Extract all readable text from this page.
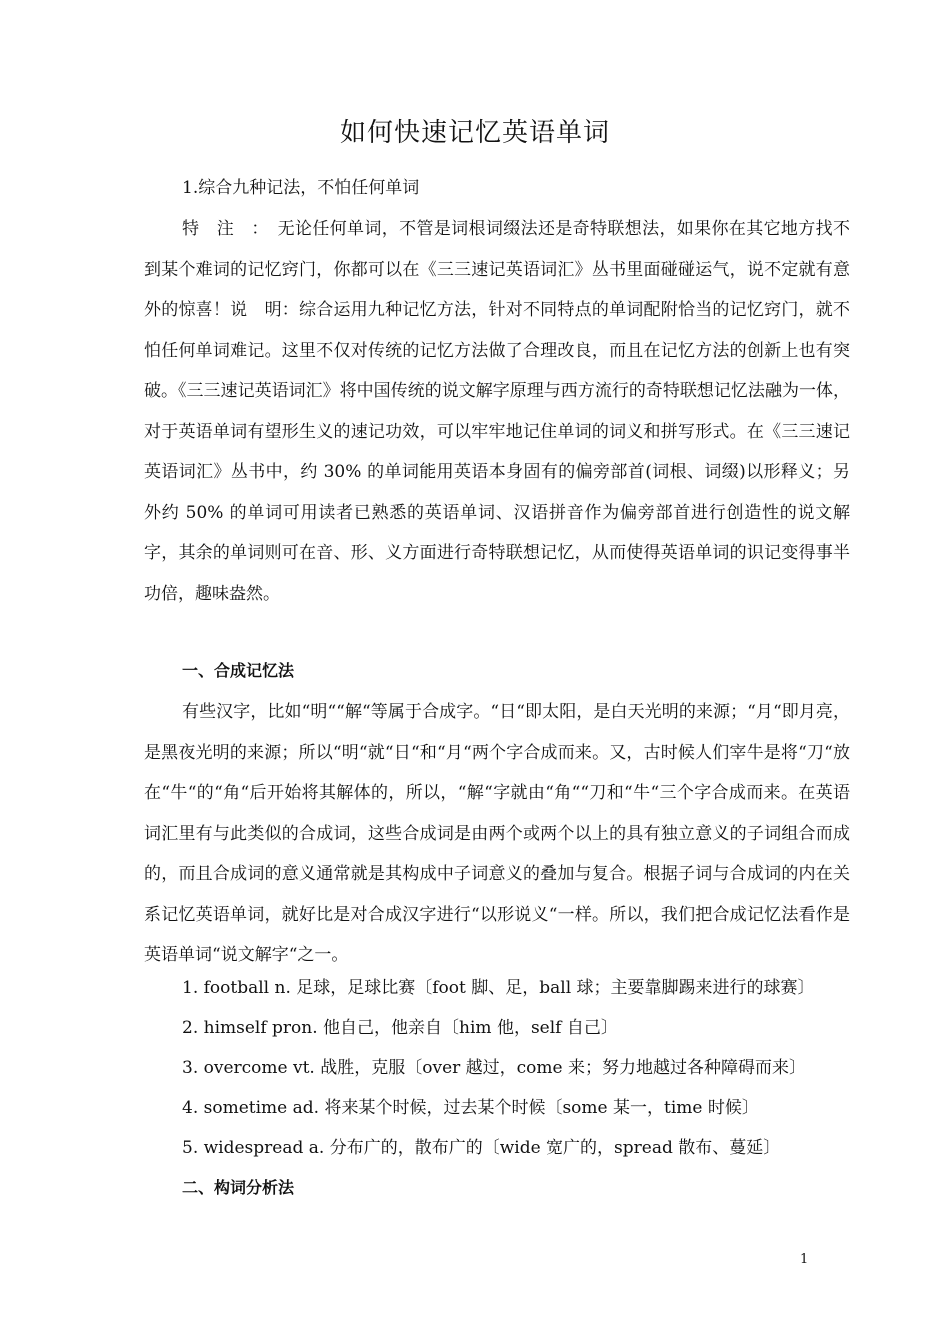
如何快速记忆英语单词

1.综合九种记法，不怕任何单词

特　注　：　无论任何单词，不管是词根词缀法还是奇特联想法，如果你在其它地方找不到某个难词的记忆窍门，你都可以在《三三速记英语词汇》丛书里面碰碰运气，说不定就有意外的惊喜！说　明：综合运用九种记忆方法，针对不同特点的单词配附恰当的记忆窍门，就不怕任何单词难记。这里不仅对传统的记忆方法做了合理改良，而且在记忆方法的创新上也有突破。《三三速记英语词汇》将中国传统的说文解字原理与西方流行的奇特联想记忆法融为一体，对于英语单词有望形生义的速记功效，可以牢牢地记住单词的词义和拼写形式。在《三三速记英语词汇》丛书中，约 30% 的单词能用英语本身固有的偏旁部首(词根、词缀)以形释义；另外约 50% 的单词可用读者已熟悉的英语单词、汉语拼音作为偏旁部首进行创造性的说文解字，其余的单词则可在音、形、义方面进行奇特联想记忆，从而使得英语单词的识记变得事半功倍，趣味盎然。

一、合成记忆法

有些汉字，比如“明““解“等属于合成字。“日“即太阳，是白天光明的来源；“月“即月亮，是黑夜光明的来源；所以“明“就“日“和“月“两个字合成而来。又，古时候人们宰牛是将“刀“放在“牛“的“角“后开始将其解体的，所以，“解“字就由“角““刀和“牛“三个字合成而来。在英语词汇里有与此类似的合成词，这些合成词是由两个或两个以上的具有独立意义的子词组合而成的，而且合成词的意义通常就是其构成中子词意义的叠加与复合。根据子词与合成词的内在关系记忆英语单词，就好比是对合成汉字进行“以形说义“一样。所以，我们把合成记忆法看作是英语单词“说文解字“之一。

1. football n. 足球，足球比赛〔foot 脚、足，ball 球；主要靠脚踢来进行的球赛〕
2. himself pron. 他自己，他亲自〔him 他，self 自己〕
3. overcome vt. 战胜，克服〔over 越过，come 来；努力地越过各种障碍而来〕
4. sometime ad. 将来某个时候，过去某个时候〔some 某一，time 时候〕
5. widespread a. 分布广的，散布广的〔wide 宽广的，spread 散布、蔓延〕

二、构词分析法

1
